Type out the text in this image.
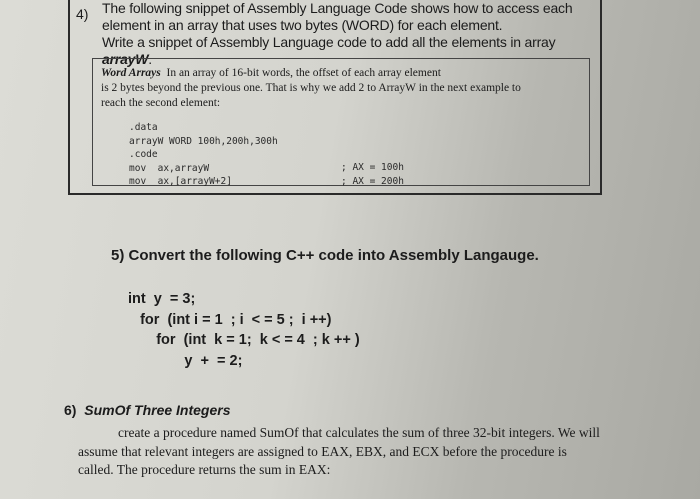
4) The following snippet of Assembly Language Code shows how to access each
element in an array that uses two bytes (WORD) for each element.
Write a snippet of Assembly Language code to add all the elements in array arrayW.
Word Arrays In an array of 16-bit words, the offset of each array element
is 2 bytes beyond the previous one. That is why we add 2 to ArrayW in the next example to
reach the second element:
.data
arrayW WORD 100h,200h,300h
.code
mov  ax,arrayW
mov  ax,[arrayW+2]
; AX = 100h
; AX = 200h
5) Convert the following C++ code into Assembly Langauge.
int  y  = 3;
for  (int i = 1  ; i  < = 5 ;  i ++)
for  (int  k = 1;  k < = 4  ; k ++ )
y  +  = 2;
6) SumOf Three Integers
create a procedure named SumOf that calculates the sum of three 32-bit integers. We will
assume that relevant integers are assigned to EAX, EBX, and ECX before the procedure is
called. The procedure returns the sum in EAX:
